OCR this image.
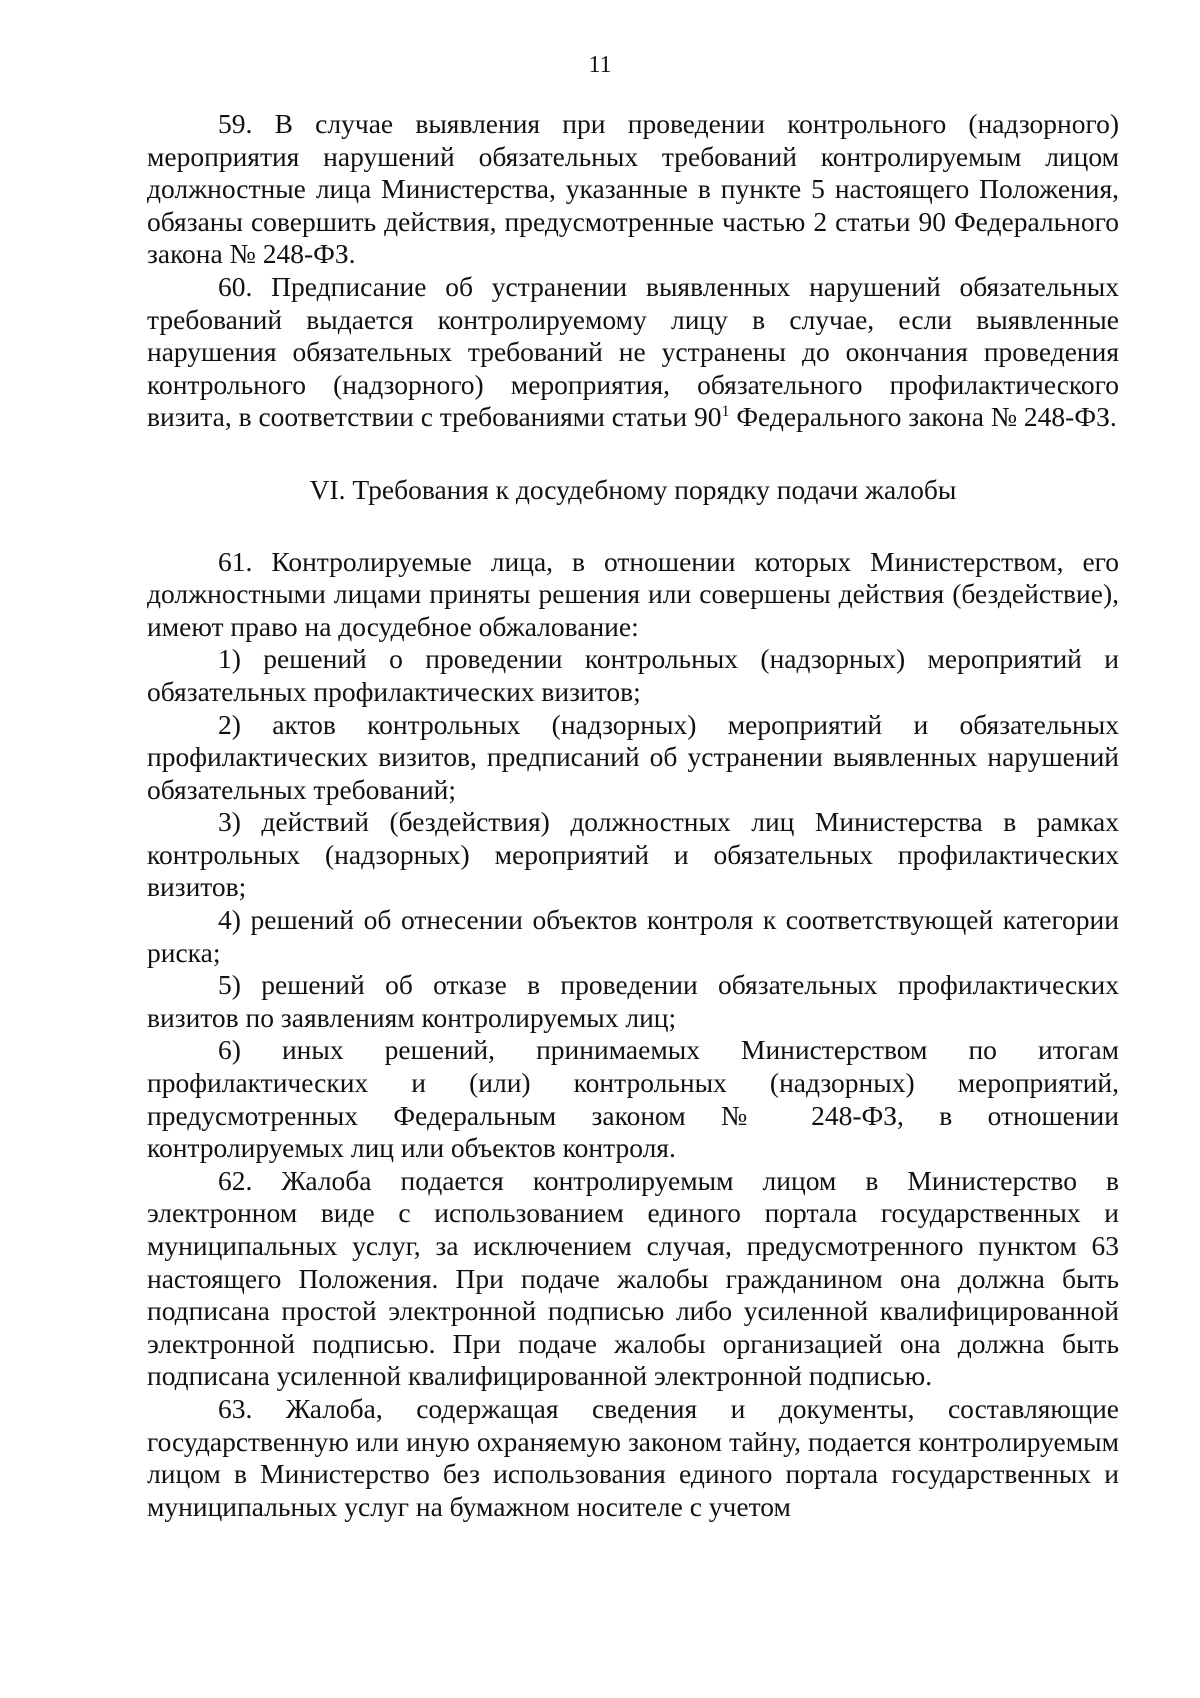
11

59. В случае выявления при проведении контрольного (надзорного) мероприятия нарушений обязательных требований контролируемым лицом должностные лица Министерства, указанные в пункте 5 настоящего Положения, обязаны совершить действия, предусмотренные частью 2 статьи 90 Федерального закона № 248-ФЗ.

60. Предписание об устранении выявленных нарушений обязательных требований выдается контролируемому лицу в случае, если выявленные нарушения обязательных требований не устранены до окончания проведения контрольного (надзорного) мероприятия, обязательного профилактического визита, в соответствии с требованиями статьи $90^1$ Федерального закона № 248-ФЗ.

VI. Требования к досудебному порядку подачи жалобы

61. Контролируемые лица, в отношении которых Министерством, его должностными лицами приняты решения или совершены действия (бездействие), имеют право на досудебное обжалование:

1) решений о проведении контрольных (надзорных) мероприятий и обязательных профилактических визитов;

2) актов контрольных (надзорных) мероприятий и обязательных профилактических визитов, предписаний об устранении выявленных нарушений обязательных требований;

3) действий (бездействия) должностных лиц Министерства в рамках контрольных (надзорных) мероприятий и обязательных профилактических визитов;

4) решений об отнесении объектов контроля к соответствующей категории риска;

5) решений об отказе в проведении обязательных профилактических визитов по заявлениям контролируемых лиц;

6) иных решений, принимаемых Министерством по итогам профилактических и (или) контрольных (надзорных) мероприятий, предусмотренных Федеральным законом № 248-ФЗ, в отношении контролируемых лиц или объектов контроля.

62. Жалоба подается контролируемым лицом в Министерство в электронном виде с использованием единого портала государственных и муниципальных услуг, за исключением случая, предусмотренного пунктом 63 настоящего Положения. При подаче жалобы гражданином она должна быть подписана простой электронной подписью либо усиленной квалифицированной электронной подписью. При подаче жалобы организацией она должна быть подписана усиленной квалифицированной электронной подписью.

63. Жалоба, содержащая сведения и документы, составляющие государственную или иную охраняемую законом тайну, подается контролируемым лицом в Министерство без использования единого портала государственных и муниципальных услуг на бумажном носителе с учетом
